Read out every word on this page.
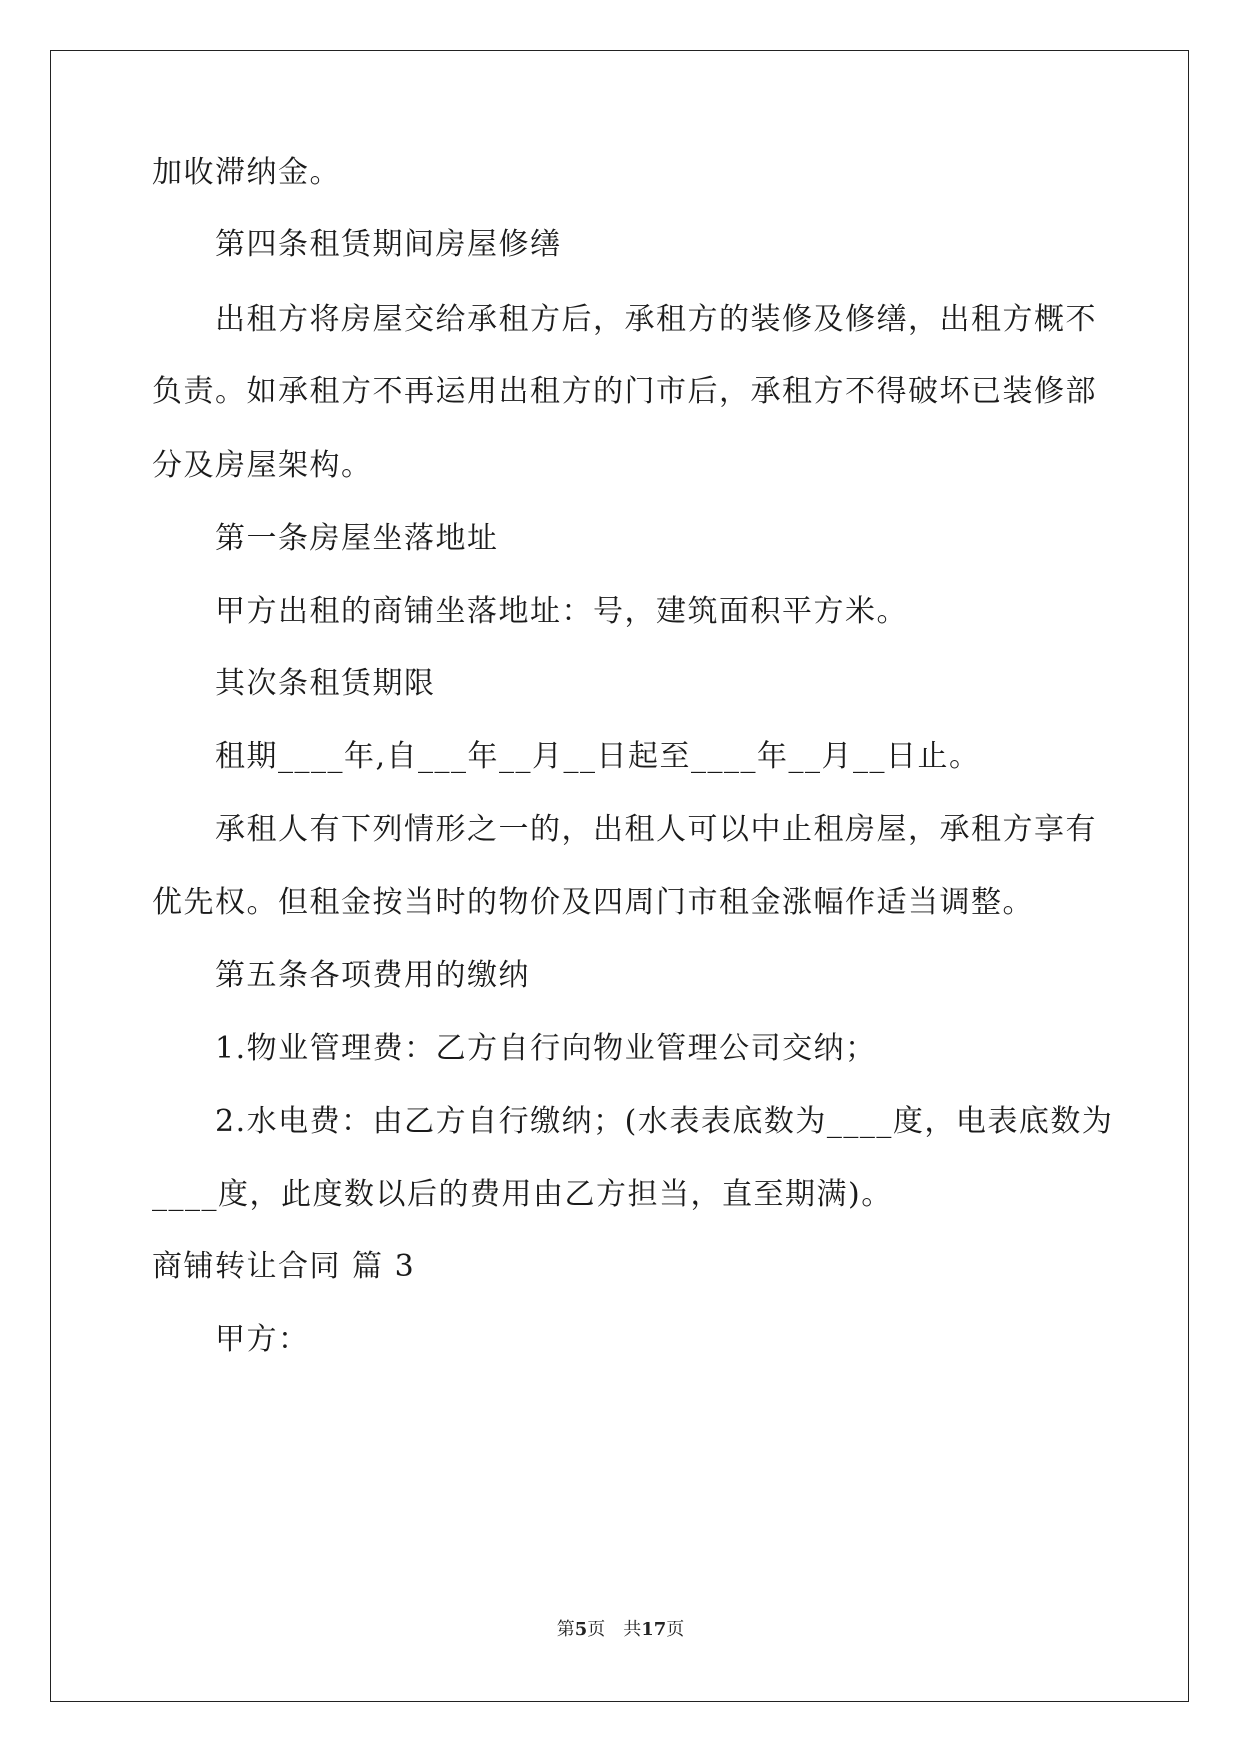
加收滞纳金。
第四条租赁期间房屋修缮
出租方将房屋交给承租方后，承租方的装修及修缮，出租方概不
负责。如承租方不再运用出租方的门市后，承租方不得破坏已装修部
分及房屋架构。
第一条房屋坐落地址
甲方出租的商铺坐落地址：号，建筑面积平方米。
其次条租赁期限
租期____年,自___年__月__日起至____年__月__日止。
承租人有下列情形之一的，出租人可以中止租房屋，承租方享有
优先权。但租金按当时的物价及四周门市租金涨幅作适当调整。
第五条各项费用的缴纳
1.物业管理费：乙方自行向物业管理公司交纳；
2.水电费：由乙方自行缴纳；(水表表底数为____度，电表底数为
____度，此度数以后的费用由乙方担当，直至期满)。
商铺转让合同 篇 3
甲方：
第5页　共17页
